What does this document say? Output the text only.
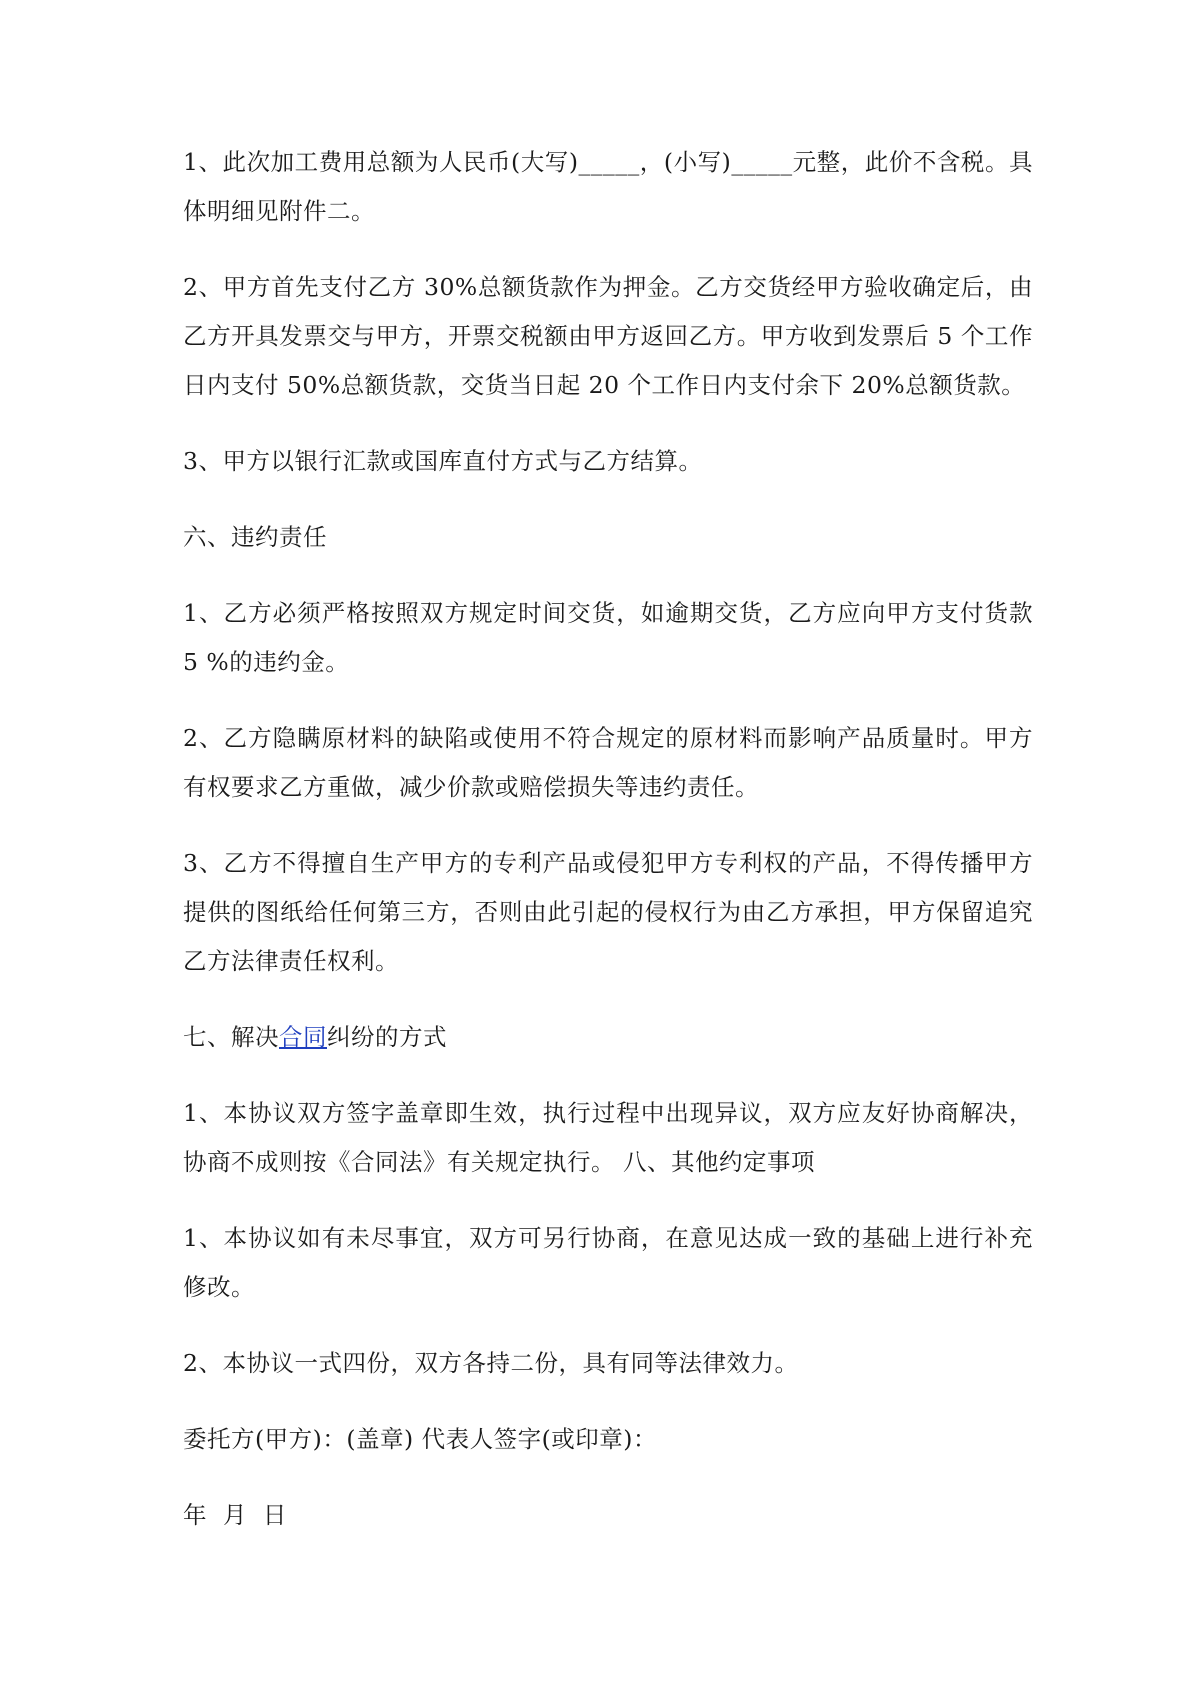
1、此次加工费用总额为人民币(大写)_____，(小写)_____元整，此价不含税。具体明细见附件二。

2、甲方首先支付乙方 30%总额货款作为押金。乙方交货经甲方验收确定后，由乙方开具发票交与甲方，开票交税额由甲方返回乙方。甲方收到发票后 5 个工作日内支付 50%总额货款，交货当日起 20 个工作日内支付余下 20%总额货款。

3、甲方以银行汇款或国库直付方式与乙方结算。

六、违约责任

1、乙方必须严格按照双方规定时间交货，如逾期交货，乙方应向甲方支付货款 5 %的违约金。

2、乙方隐瞒原材料的缺陷或使用不符合规定的原材料而影响产品质量时。甲方有权要求乙方重做，减少价款或赔偿损失等违约责任。

3、乙方不得擅自生产甲方的专利产品或侵犯甲方专利权的产品，不得传播甲方提供的图纸给任何第三方，否则由此引起的侵权行为由乙方承担，甲方保留追究乙方法律责任权利。

七、解决合同纠纷的方式

1、本协议双方签字盖章即生效，执行过程中出现异议，双方应友好协商解决，协商不成则按《合同法》有关规定执行。 八、其他约定事项

1、本协议如有未尽事宜，双方可另行协商，在意见达成一致的基础上进行补充修改。

2、本协议一式四份，双方各持二份，具有同等法律效力。

委托方(甲方)：(盖章) 代表人签字(或印章)：

年  月  日
